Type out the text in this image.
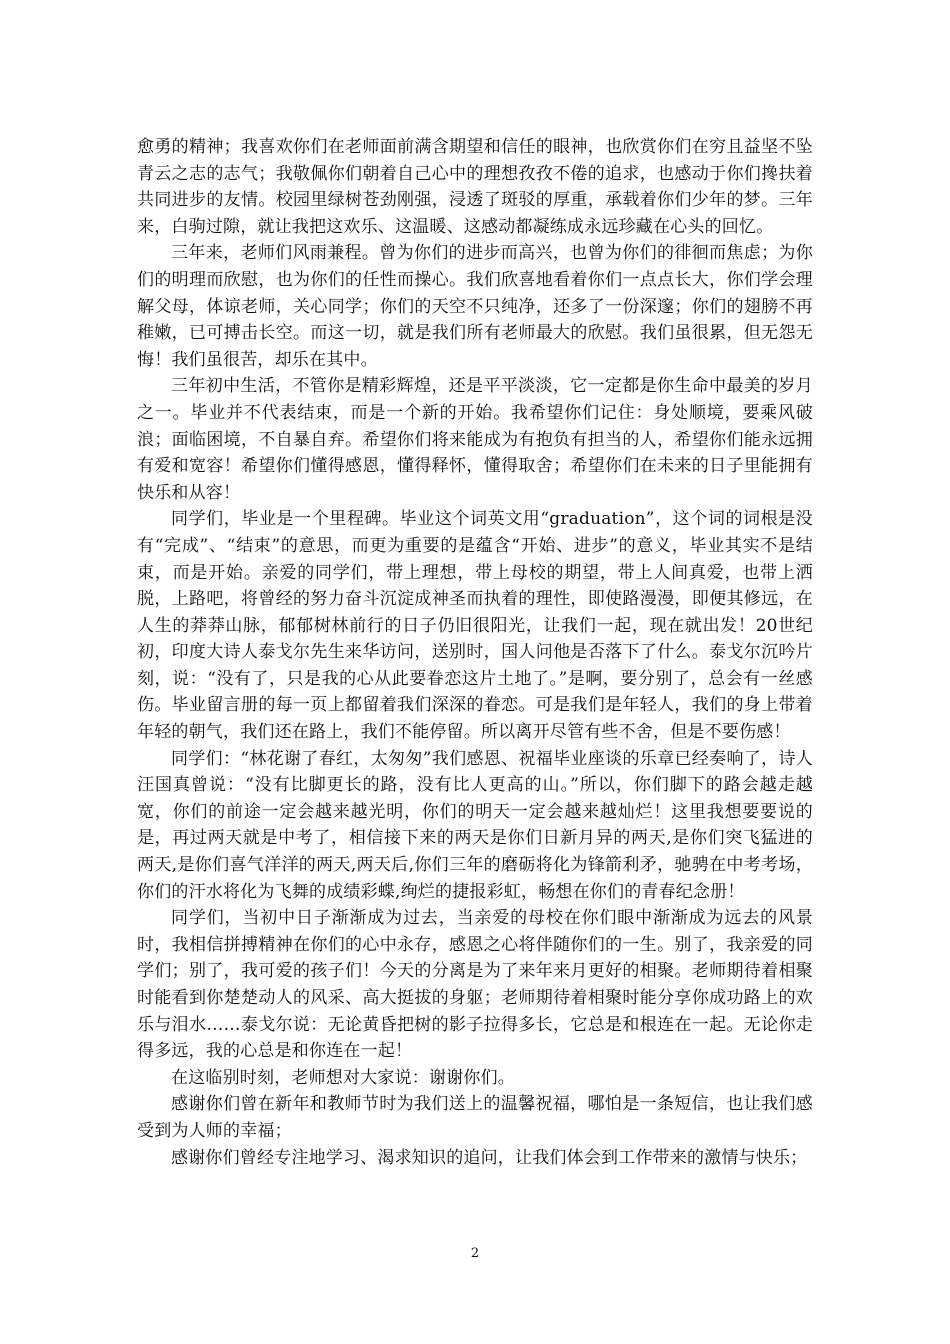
愈勇的精神；我喜欢你们在老师面前满含期望和信任的眼神，也欣赏你们在穷且益坚不坠青云之志的志气；我敬佩你们朝着自己心中的理想孜孜不倦的追求，也感动于你们搀扶着共同进步的友情。校园里绿树苍劲刚强，浸透了斑驳的厚重，承载着你们少年的梦。三年来，白驹过隙，就让我把这欢乐、这温暖、这感动都凝练成永远珍藏在心头的回忆。

三年来，老师们风雨兼程。曾为你们的进步而高兴，也曾为你们的徘徊而焦虑；为你们的明理而欣慰，也为你们的任性而操心。我们欣喜地看着你们一点点长大，你们学会理解父母，体谅老师，关心同学；你们的天空不只纯净，还多了一份深邃；你们的翅膀不再稚嫩，已可搏击长空。而这一切，就是我们所有老师最大的欣慰。我们虽很累，但无怨无悔！我们虽很苦，却乐在其中。

三年初中生活，不管你是精彩辉煌，还是平平淡淡，它一定都是你生命中最美的岁月之一。毕业并不代表结束，而是一个新的开始。我希望你们记住：身处顺境，要乘风破浪；面临困境，不自暴自弃。希望你们将来能成为有抱负有担当的人，希望你们能永远拥有爱和宽容！希望你们懂得感恩，懂得释怀，懂得取舍；希望你们在未来的日子里能拥有快乐和从容！

同学们，毕业是一个里程碑。毕业这个词英文用“graduation”，这个词的词根是没有“完成”、“结束”的意思，而更为重要的是蕴含“开始、进步”的意义，毕业其实不是结束，而是开始。亲爱的同学们，带上理想，带上母校的期望，带上人间真爱，也带上洒脱，上路吧，将曾经的努力奋斗沉淀成神圣而执着的理性，即使路漫漫，即便其修远，在人生的莽莽山脉，郁郁树林前行的日子仍旧很阳光，让我们一起，现在就出发！20世纪初，印度大诗人泰戈尔先生来华访问，送别时，国人问他是否落下了什么。泰戈尔沉吟片刻，说：“没有了，只是我的心从此要眷恋这片土地了。”是啊，要分别了，总会有一丝感伤。毕业留言册的每一页上都留着我们深深的眷恋。可是我们是年轻人，我们的身上带着年轻的朝气，我们还在路上，我们不能停留。所以离开尽管有些不舍，但是不要伤感！

同学们：“林花谢了春红，太匆匆”我们感恩、祝福毕业座谈的乐章已经奏响了，诗人汪国真曾说：“没有比脚更长的路，没有比人更高的山。”所以，你们脚下的路会越走越宽，你们的前途一定会越来越光明，你们的明天一定会越来越灿烂！这里我想要要说的是，再过两天就是中考了，相信接下来的两天是你们日新月异的两天,是你们突飞猛进的两天,是你们喜气洋洋的两天,两天后,你们三年的磨砺将化为锋箭利矛，驰骋在中考考场，你们的汗水将化为飞舞的成绩彩蝶,绚烂的捷报彩虹，畅想在你们的青春纪念册！

同学们，当初中日子渐渐成为过去，当亲爱的母校在你们眼中渐渐成为远去的风景时，我相信拼搏精神在你们的心中永存，感恩之心将伴随你们的一生。别了，我亲爱的同学们；别了，我可爱的孩子们！今天的分离是为了来年来月更好的相聚。老师期待着相聚时能看到你楚楚动人的风采、高大挺拔的身躯；老师期待着相聚时能分享你成功路上的欢乐与泪水……泰戈尔说：无论黄昏把树的影子拉得多长，它总是和根连在一起。无论你走得多远，我的心总是和你连在一起！

在这临别时刻，老师想对大家说：谢谢你们。

感谢你们曾在新年和教师节时为我们送上的温馨祝福，哪怕是一条短信，也让我们感受到为人师的幸福；

感谢你们曾经专注地学习、渴求知识的追问，让我们体会到工作带来的激情与快乐；

2
